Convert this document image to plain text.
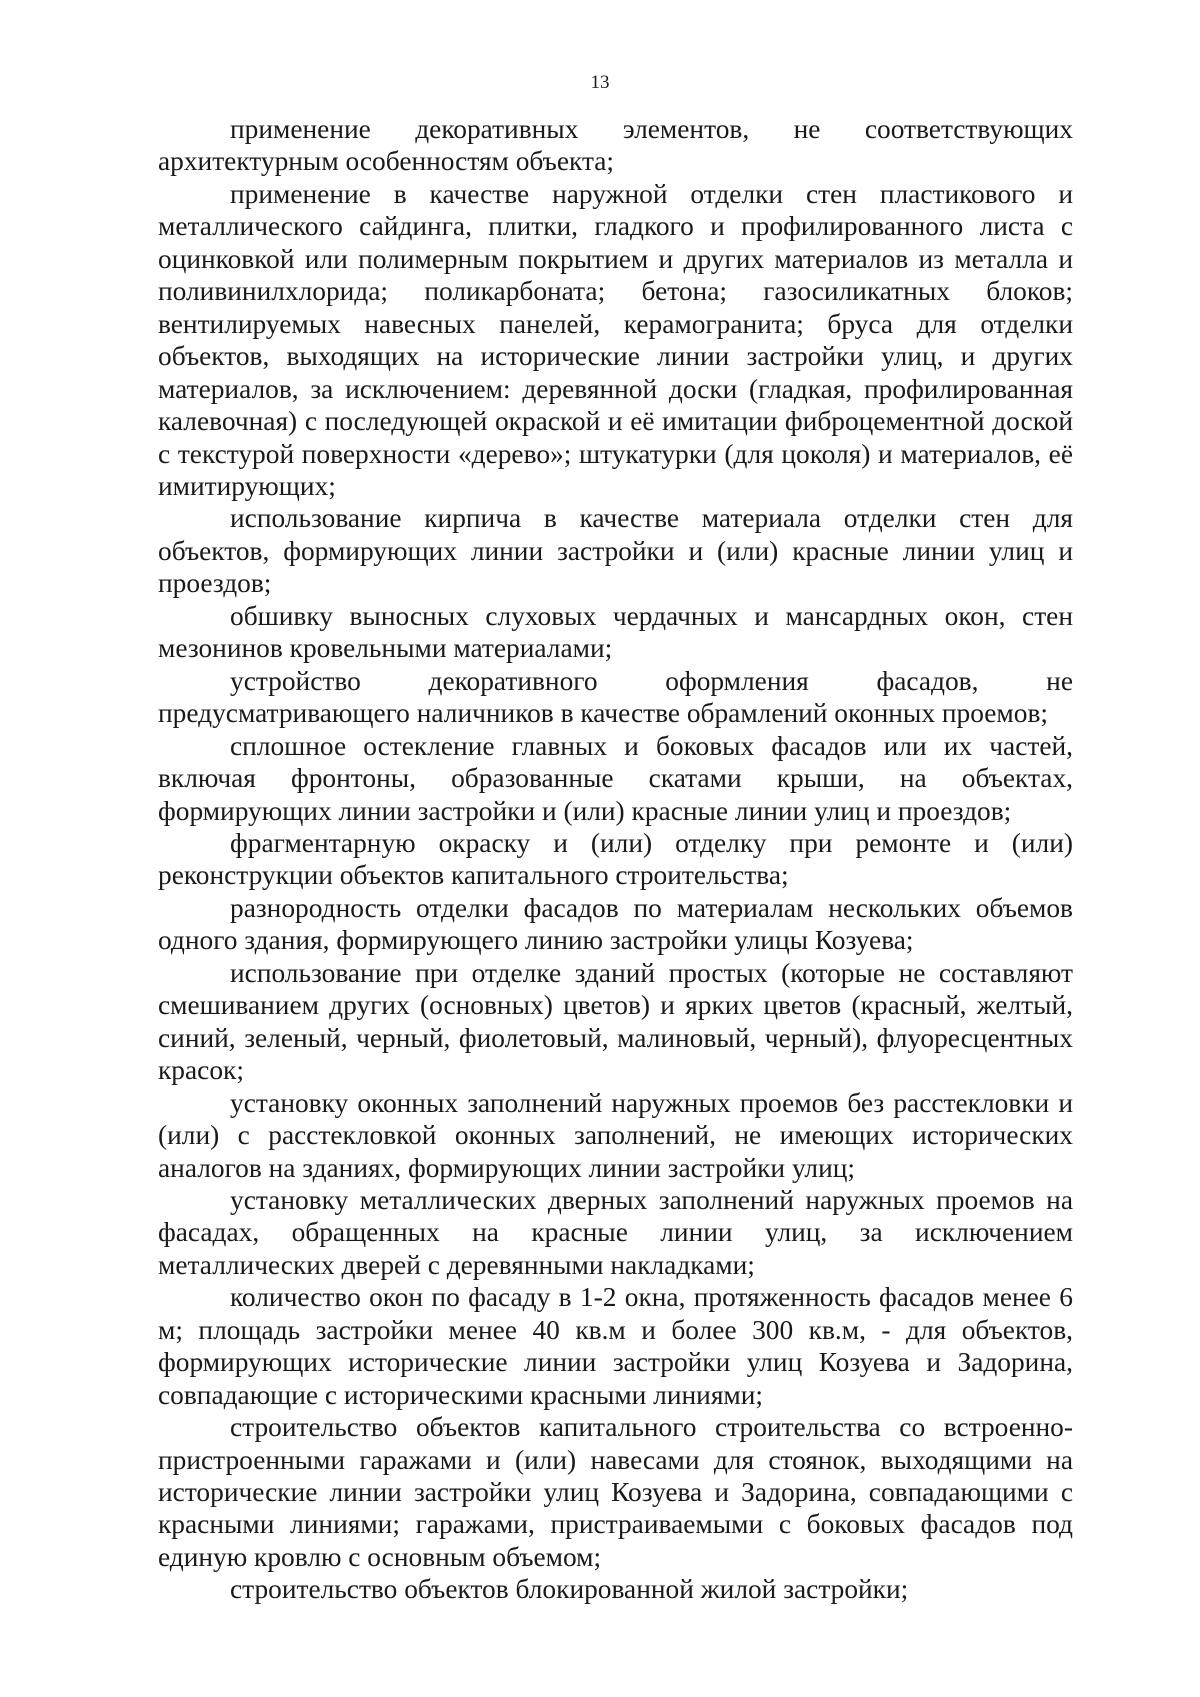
13

применение декоративных элементов, не соответствующих архитектурным особенностям объекта;

применение в качестве наружной отделки стен пластикового и металлического сайдинга, плитки, гладкого и профилированного листа с оцинковкой или полимерным покрытием и других материалов из металла и поливинилхлорида; поликарбоната; бетона; газосиликатных блоков; вентилируемых навесных панелей, керамогранита; бруса для отделки объектов, выходящих на исторические линии застройки улиц, и других материалов, за исключением: деревянной доски (гладкая, профилированная калевочная) с последующей окраской и её имитации фиброцементной доской с текстурой поверхности «дерево»; штукатурки (для цоколя) и материалов, её имитирующих;

использование кирпича в качестве материала отделки стен для объектов, формирующих линии застройки и (или) красные линии улиц и проездов;

обшивку выносных слуховых чердачных и мансардных окон, стен мезонинов кровельными материалами;

устройство декоративного оформления фасадов, не предусматривающего наличников в качестве обрамлений оконных проемов;

сплошное остекление главных и боковых фасадов или их частей, включая фронтоны, образованные скатами крыши, на объектах, формирующих линии застройки и (или) красные линии улиц и проездов;

фрагментарную окраску и (или) отделку при ремонте и (или) реконструкции объектов капитального строительства;

разнородность отделки фасадов по материалам нескольких объемов одного здания, формирующего линию застройки улицы Козуева;

использование при отделке зданий простых (которые не составляют смешиванием других (основных) цветов) и ярких цветов (красный, желтый, синий, зеленый, черный, фиолетовый, малиновый, черный), флуоресцентных красок;

установку оконных заполнений наружных проемов без расстекловки и (или) с расстекловкой оконных заполнений, не имеющих исторических аналогов на зданиях, формирующих линии застройки улиц;

установку металлических дверных заполнений наружных проемов на фасадах, обращенных на красные линии улиц, за исключением металлических дверей с деревянными накладками;

количество окон по фасаду в 1-2 окна, протяженность фасадов менее 6 м; площадь застройки менее 40 кв.м и более 300 кв.м, - для объектов, формирующих исторические линии застройки улиц Козуева и Задорина, совпадающие с историческими красными линиями;

строительство объектов капитального строительства со встроенно-пристроенными гаражами и (или) навесами для стоянок, выходящими на исторические линии застройки улиц Козуева и Задорина, совпадающими с красными линиями; гаражами, пристраиваемыми с боковых фасадов под единую кровлю с основным объемом;

строительство объектов блокированной жилой застройки;
